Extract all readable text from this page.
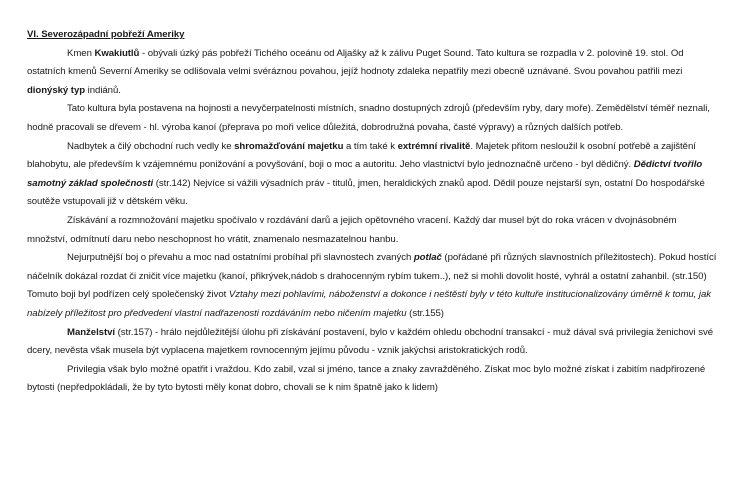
VI. Severozápadní pobřeží Ameriky

Kmen Kwakiutlů - obývali úzký pás pobřeží Tichého oceánu od Aljašky až k zálivu Puget Sound. Tato kultura se rozpadla v 2. polovině 19. stol. Od ostatních kmenů Severní Ameriky se odlišovala velmi svéráznou povahou, jejíž hodnoty zdaleka nepatřily mezi obecně uznávané. Svou povahou patřili mezi dionýský typ indiánů.

Tato kultura byla postavena na hojnosti a nevyčerpatelnosti místních, snadno dostupných zdrojů (především ryby, dary moře). Zemědělství téměř neznali, hodně pracovali se dřevem - hl. výroba kanoí (přeprava po moři velice důležitá, dobrodružná povaha, časté výpravy) a různých dalších potřeb.

Nadbytek a čilý obchodní ruch vedly ke shromažďování majetku a tím také k extrémní rivalitě. Majetek přitom nesloužil k osobní potřebě a zajištění blahobytu, ale především k vzájemnému ponižování a povyšování, boji o moc a autoritu. Jeho vlastnictví bylo jednoznačně určeno - byl dědičný. Dědictví tvořilo samotný základ společnosti (str.142) Nejvíce si vážili výsadních práv - titulů, jmen, heraldických znaků apod. Dědil pouze nejstarší syn, ostatní Do hospodářské soutěže vstupovali již v dětském věku.

Získávání a rozmnožování majetku spočívalo v rozdávání darů a jejich opětovného vracení. Každý dar musel být do roka vrácen v dvojnásobném množství, odmítnutí daru nebo neschopnost ho vrátit, znamenalo nesmazatelnou hanbu.

Nejurputnější boj o převahu a moc nad ostatními probíhal při slavnostech zvaných potlač (pořádané při různých slavnostních příležitostech). Pokud hostící náčelník dokázal rozdat či zničit více majetku (kanoí, přikrývek,nádob s drahocenným rybím tukem..), než si mohli dovolit hosté, vyhrál a ostatní zahanbil. (str.150) Tomuto boji byl podřízen celý společenský život Vztahy mezi pohlavími, náboženství a dokonce i neštěstí byly v této kultuře institucionalizovány úměrně k tomu, jak nabízely příležitost pro předvedení vlastní nadřazenosti rozdáváním nebo ničením majetku (str.155)

Manželství (str.157) - hrálo nejdůležitější úlohu při získávání postavení, bylo v každém ohledu obchodní transakcí - muž dával svá privilegia ženichovi své dcery, nevěsta však musela být vyplacena majetkem rovnocenným jejímu původu - vznik jakýchsi aristokratických rodů.

Privilegia však bylo možné opatřit i vraždou. Kdo zabil, vzal si jméno, tance a znaky zavražděného. Získat moc bylo možné získat i zabitím nadpřirozené bytosti (nepředpokládali, že by tyto bytosti měly konat dobro, chovali se k nim špatně jako k lidem)
